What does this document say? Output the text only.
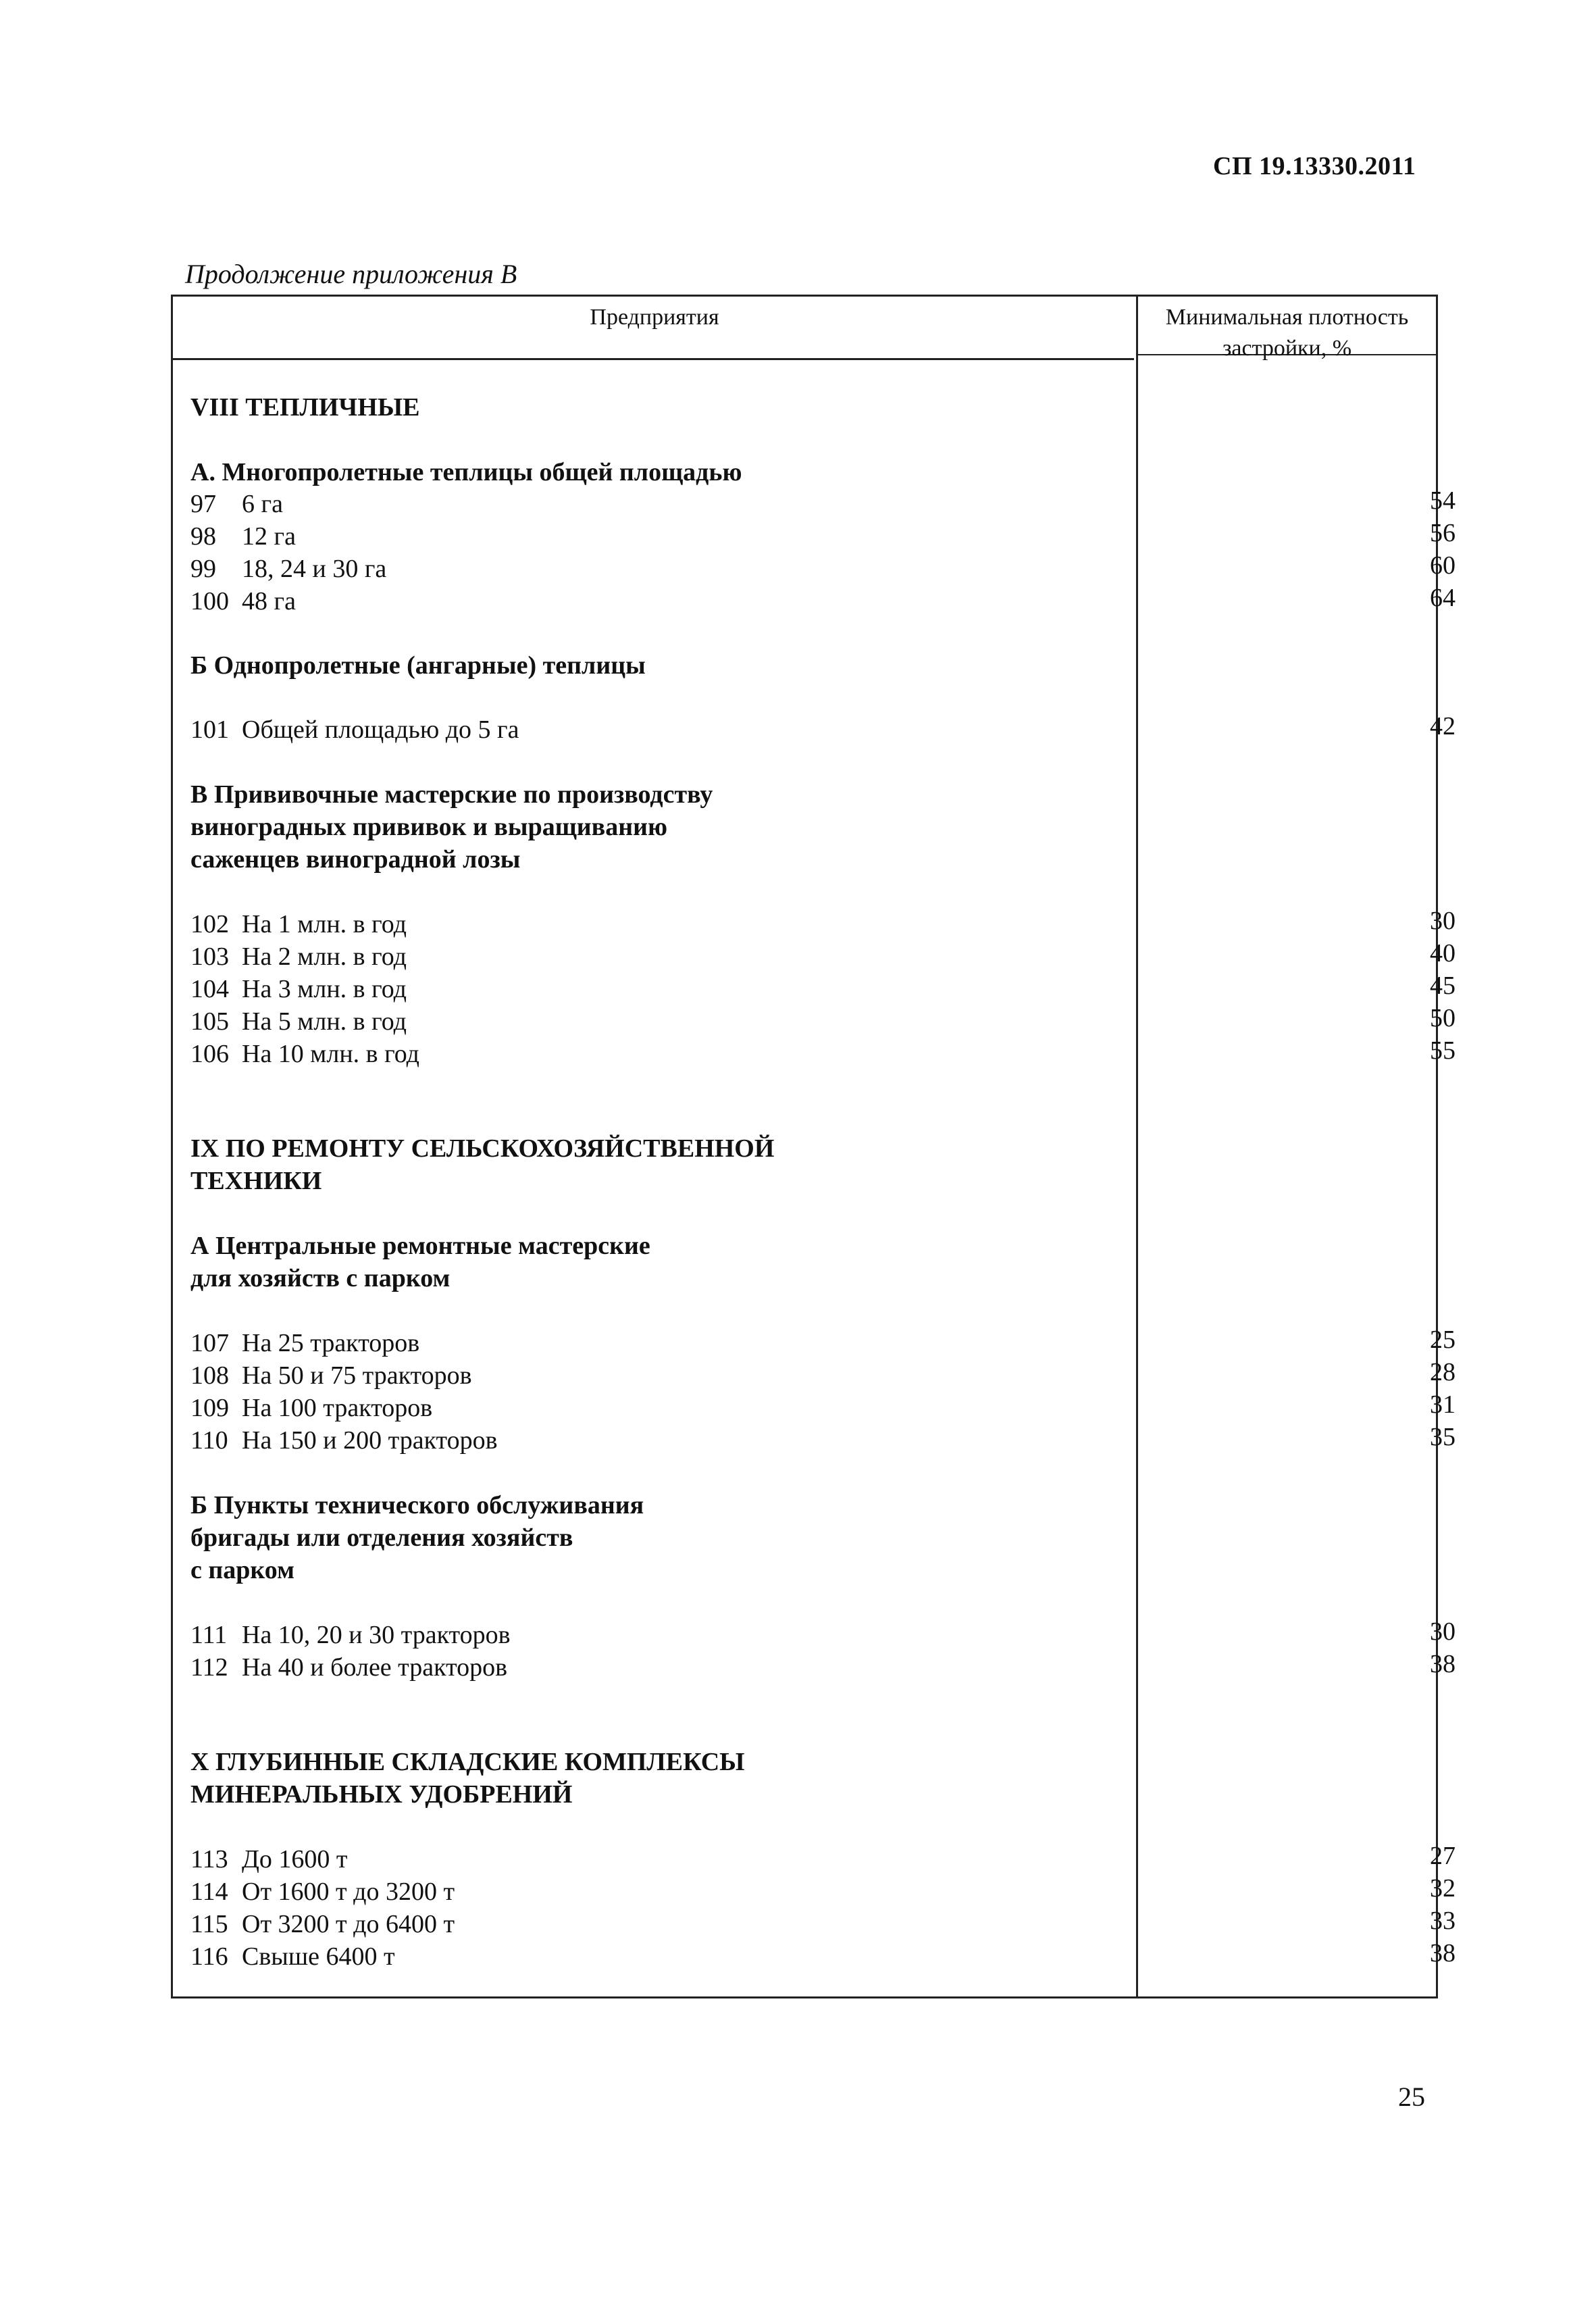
СП 19.13330.2011
Продолжение приложения В
Предприятия	Минимальная плотность
застройки, %
VIII ТЕПЛИЧНЫЕ
А. Многопролетные теплицы общей площадью
97 6 га	54
98 12 га	56
99 18, 24 и 30 га	60
100 48 га	64
Б Однопролетные (ангарные) теплицы
101 Общей площадью до 5 га	42
В Прививочные мастерские по производству
виноградных прививок и выращиванию
саженцев виноградной лозы
102 На 1 млн. в год	30
103 На 2 млн. в год	40
104 На 3 млн. в год	45
105 На 5 млн. в год	50
106 На 10 млн. в год	55
IX ПО РЕМОНТУ СЕЛЬСКОХОЗЯЙСТВЕННОЙ
ТЕХНИКИ
А Центральные ремонтные мастерские
для хозяйств с парком
107 На 25 тракторов	25
108 На 50 и 75 тракторов	28
109 На 100 тракторов	31
110 На 150 и 200 тракторов	35
Б Пункты технического обслуживания
бригады или отделения хозяйств
с парком
111 На 10, 20 и 30 тракторов	30
112 На 40 и более тракторов	38
X ГЛУБИННЫЕ СКЛАДСКИЕ КОМПЛЕКСЫ
МИНЕРАЛЬНЫХ УДОБРЕНИЙ
113 До 1600 т	27
114 От 1600 т до 3200 т	32
115 От 3200 т до 6400 т	33
116 Свыше 6400 т	38
25
